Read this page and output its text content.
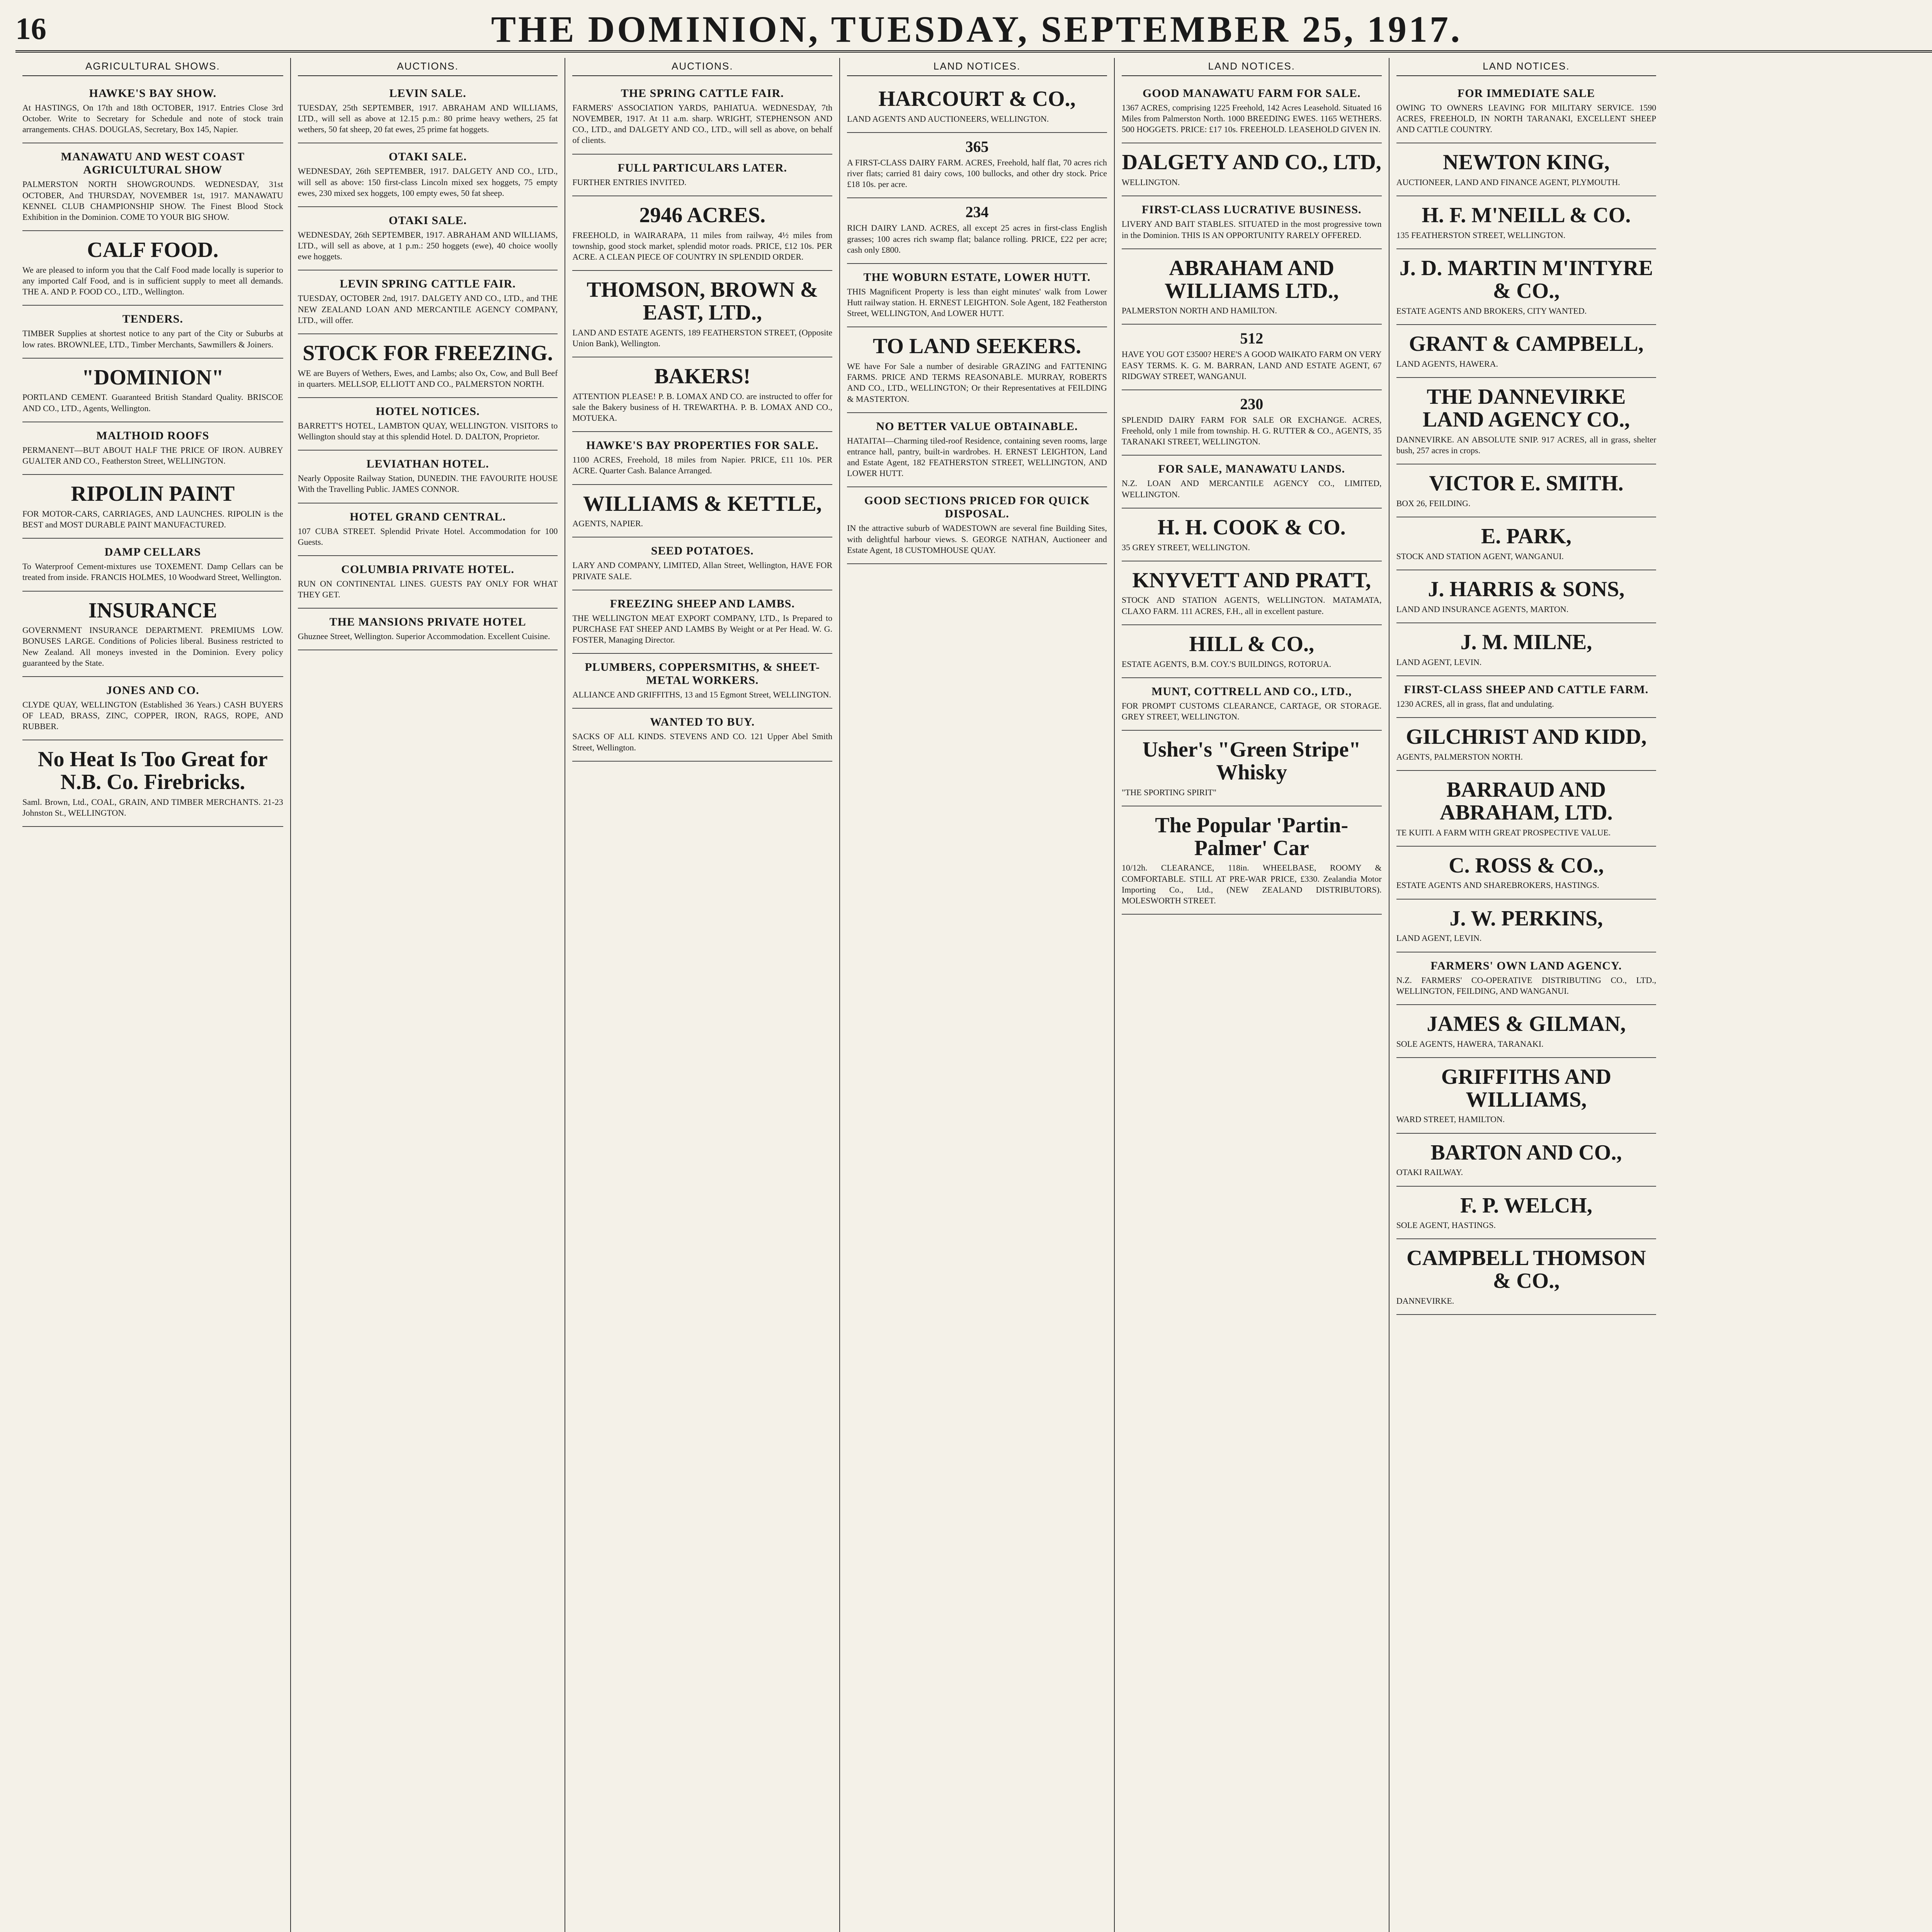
16	THE DOMINION, TUESDAY, SEPTEMBER 25, 1917.
AGRICULTURAL SHOWS.
HAWKE'S BAY SHOW.

At HASTINGS, On 17th and 18th OCTOBER, 1917. Entries Close 3rd October. Write to Secretary for Schedule and note of stock train arrangements. CHAS. DOUGLAS, Secretary, Box 145, Napier.

MANAWATU AND WEST COAST AGRICULTURAL SHOW

PALMERSTON NORTH SHOWGROUNDS. WEDNESDAY, 31st OCTOBER, And THURSDAY, NOVEMBER 1st, 1917. MANAWATU KENNEL CLUB CHAMPIONSHIP SHOW. The Finest Blood Stock Exhibition in the Dominion. COME TO YOUR BIG SHOW.

CALF FOOD.

We are pleased to inform you that the Calf Food made locally is superior to any imported Calf Food, and is in sufficient supply to meet all demands. THE A. AND P. FOOD CO., LTD., Wellington.

TENDERS.

TIMBER Supplies at shortest notice to any part of the City or Suburbs at low rates. BROWNLEE, LTD., Timber Merchants, Sawmillers & Joiners.

"DOMINION"

PORTLAND CEMENT. Guaranteed British Standard Quality. BRISCOE AND CO., LTD., Agents, Wellington.

MALTHOID ROOFS

PERMANENT—BUT ABOUT HALF THE PRICE OF IRON. AUBREY GUALTER AND CO., Featherston Street, WELLINGTON.

RIPOLIN PAINT

FOR MOTOR-CARS, CARRIAGES, AND LAUNCHES. RIPOLIN is the BEST and MOST DURABLE PAINT MANUFACTURED.

DAMP CELLARS

To Waterproof Cement-mixtures use TOXEMENT. Damp Cellars can be treated from inside. FRANCIS HOLMES, 10 Woodward Street, Wellington.

INSURANCE

GOVERNMENT INSURANCE DEPARTMENT. PREMIUMS LOW. BONUSES LARGE. Conditions of Policies liberal. Business restricted to New Zealand. All moneys invested in the Dominion. Every policy guaranteed by the State.

JONES AND CO.

CLYDE QUAY, WELLINGTON (Established 36 Years.) CASH BUYERS OF LEAD, BRASS, ZINC, COPPER, IRON, RAGS, ROPE, AND RUBBER.

No Heat Is Too Great for N.B. Co. Firebricks.

Saml. Brown, Ltd., COAL, GRAIN, AND TIMBER MERCHANTS. 21-23 Johnston St., WELLINGTON.

AUCTIONS.
LEVIN SALE.

TUESDAY, 25th SEPTEMBER, 1917. ABRAHAM AND WILLIAMS, LTD., will sell as above at 12.15 p.m.: 80 prime heavy wethers, 25 fat wethers, 50 fat sheep, 20 fat ewes, 25 prime fat hoggets.

OTAKI SALE.

WEDNESDAY, 26th SEPTEMBER, 1917. DALGETY AND CO., LTD., will sell as above: 150 first-class Lincoln mixed sex hoggets, 75 empty ewes, 230 mixed sex hoggets, 100 empty ewes, 50 fat sheep.

OTAKI SALE.

WEDNESDAY, 26th SEPTEMBER, 1917. ABRAHAM AND WILLIAMS, LTD., will sell as above, at 1 p.m.: 250 hoggets (ewe), 40 choice woolly ewe hoggets.

LEVIN SPRING CATTLE FAIR.

TUESDAY, OCTOBER 2nd, 1917. DALGETY AND CO., LTD., and THE NEW ZEALAND LOAN AND MERCANTILE AGENCY COMPANY, LTD., will offer.

STOCK FOR FREEZING.

WE are Buyers of Wethers, Ewes, and Lambs; also Ox, Cow, and Bull Beef in quarters. MELLSOP, ELLIOTT AND CO., PALMERSTON NORTH.

HOTEL NOTICES.

BARRETT'S HOTEL, LAMBTON QUAY, WELLINGTON. VISITORS to Wellington should stay at this splendid Hotel. D. DALTON, Proprietor.

LEVIATHAN HOTEL.

Nearly Opposite Railway Station, DUNEDIN. THE FAVOURITE HOUSE With the Travelling Public. JAMES CONNOR.

HOTEL GRAND CENTRAL.

107 CUBA STREET. Splendid Private Hotel. Accommodation for 100 Guests.

COLUMBIA PRIVATE HOTEL.

RUN ON CONTINENTAL LINES. GUESTS PAY ONLY FOR WHAT THEY GET.

THE MANSIONS PRIVATE HOTEL

Ghuznee Street, Wellington. Superior Accommodation. Excellent Cuisine.

AUCTIONS.
THE SPRING CATTLE FAIR.

FARMERS' ASSOCIATION YARDS, PAHIATUA. WEDNESDAY, 7th NOVEMBER, 1917. At 11 a.m. sharp. WRIGHT, STEPHENSON AND CO., LTD., and DALGETY AND CO., LTD., will sell as above, on behalf of clients.

FULL PARTICULARS LATER.

FURTHER ENTRIES INVITED.

2946 ACRES.

FREEHOLD, in WAIRARAPA, 11 miles from railway, 4½ miles from township, good stock market, splendid motor roads. PRICE, £12 10s. PER ACRE. A CLEAN PIECE OF COUNTRY IN SPLENDID ORDER.

THOMSON, BROWN & EAST, LTD.,

LAND AND ESTATE AGENTS, 189 FEATHERSTON STREET, (Opposite Union Bank), Wellington.

BAKERS!

ATTENTION PLEASE! P. B. LOMAX AND CO. are instructed to offer for sale the Bakery business of H. TREWARTHA. P. B. LOMAX AND CO., MOTUEKA.

HAWKE'S BAY PROPERTIES FOR SALE.

1100 ACRES, Freehold, 18 miles from Napier. PRICE, £11 10s. PER ACRE. Quarter Cash. Balance Arranged.

WILLIAMS & KETTLE,

AGENTS, NAPIER.

SEED POTATOES.

LARY AND COMPANY, LIMITED, Allan Street, Wellington, HAVE FOR PRIVATE SALE.

FREEZING SHEEP AND LAMBS.

THE WELLINGTON MEAT EXPORT COMPANY, LTD., Is Prepared to PURCHASE FAT SHEEP AND LAMBS By Weight or at Per Head. W. G. FOSTER, Managing Director.

PLUMBERS, COPPERSMITHS, & SHEET-METAL WORKERS.

ALLIANCE AND GRIFFITHS, 13 and 15 Egmont Street, WELLINGTON.

WANTED TO BUY.

SACKS OF ALL KINDS. STEVENS AND CO. 121 Upper Abel Smith Street, Wellington.

LAND NOTICES.
HARCOURT & CO.,

LAND AGENTS AND AUCTIONEERS, WELLINGTON.

365

A FIRST-CLASS DAIRY FARM. ACRES, Freehold, half flat, 70 acres rich river flats; carried 81 dairy cows, 100 bullocks, and other dry stock. Price £18 10s. per acre.

234

RICH DAIRY LAND. ACRES, all except 25 acres in first-class English grasses; 100 acres rich swamp flat; balance rolling. PRICE, £22 per acre; cash only £800.

THE WOBURN ESTATE, LOWER HUTT.

THIS Magnificent Property is less than eight minutes' walk from Lower Hutt railway station. H. ERNEST LEIGHTON. Sole Agent, 182 Featherston Street, WELLINGTON, And LOWER HUTT.

TO LAND SEEKERS.

WE have For Sale a number of desirable GRAZING and FATTENING FARMS. PRICE AND TERMS REASONABLE. MURRAY, ROBERTS AND CO., LTD., WELLINGTON; Or their Representatives at FEILDING & MASTERTON.

NO BETTER VALUE OBTAINABLE.

HATAITAI—Charming tiled-roof Residence, containing seven rooms, large entrance hall, pantry, built-in wardrobes. H. ERNEST LEIGHTON, Land and Estate Agent, 182 FEATHERSTON STREET, WELLINGTON, AND LOWER HUTT.

GOOD SECTIONS PRICED FOR QUICK DISPOSAL.

IN the attractive suburb of WADESTOWN are several fine Building Sites, with delightful harbour views. S. GEORGE NATHAN, Auctioneer and Estate Agent, 18 CUSTOMHOUSE QUAY.

LAND NOTICES.
GOOD MANAWATU FARM FOR SALE.

1367 ACRES, comprising 1225 Freehold, 142 Acres Leasehold. Situated 16 Miles from Palmerston North. 1000 BREEDING EWES. 1165 WETHERS. 500 HOGGETS. PRICE: £17 10s. FREEHOLD. LEASEHOLD GIVEN IN.

DALGETY AND CO., LTD,

WELLINGTON.

FIRST-CLASS LUCRATIVE BUSINESS.

LIVERY AND BAIT STABLES. SITUATED in the most progressive town in the Dominion. THIS IS AN OPPORTUNITY RARELY OFFERED.

ABRAHAM AND WILLIAMS LTD.,

PALMERSTON NORTH AND HAMILTON.

512

HAVE YOU GOT £3500? HERE'S A GOOD WAIKATO FARM ON VERY EASY TERMS. K. G. M. BARRAN, LAND AND ESTATE AGENT, 67 RIDGWAY STREET, WANGANUI.

230

SPLENDID DAIRY FARM FOR SALE OR EXCHANGE. ACRES, Freehold, only 1 mile from township. H. G. RUTTER & CO., AGENTS, 35 TARANAKI STREET, WELLINGTON.

FOR SALE, MANAWATU LANDS.

N.Z. LOAN AND MERCANTILE AGENCY CO., LIMITED, WELLINGTON.

H. H. COOK & CO.

35 GREY STREET, WELLINGTON.

KNYVETT AND PRATT,

STOCK AND STATION AGENTS, WELLINGTON. MATAMATA, CLAXO FARM. 111 ACRES, F.H., all in excellent pasture.

HILL & CO.,

ESTATE AGENTS, B.M. COY.'S BUILDINGS, ROTORUA.

MUNT, COTTRELL AND CO., LTD.,

FOR PROMPT CUSTOMS CLEARANCE, CARTAGE, OR STORAGE. GREY STREET, WELLINGTON.

Usher's "Green Stripe" Whisky

"THE SPORTING SPIRIT"

The Popular 'Partin-Palmer' Car

10/12h. CLEARANCE, 118in. WHEELBASE, ROOMY & COMFORTABLE. STILL AT PRE-WAR PRICE, £330. Zealandia Motor Importing Co., Ltd., (NEW ZEALAND DISTRIBUTORS). MOLESWORTH STREET.

LAND NOTICES.
FOR IMMEDIATE SALE

OWING TO OWNERS LEAVING FOR MILITARY SERVICE. 1590 ACRES, FREEHOLD, IN NORTH TARANAKI, EXCELLENT SHEEP AND CATTLE COUNTRY.

NEWTON KING,

AUCTIONEER, LAND AND FINANCE AGENT, PLYMOUTH.

H. F. M'NEILL & CO.

135 FEATHERSTON STREET, WELLINGTON.

J. D. MARTIN M'INTYRE & CO.,

ESTATE AGENTS AND BROKERS, CITY WANTED.

GRANT & CAMPBELL,

LAND AGENTS, HAWERA.

THE DANNEVIRKE LAND AGENCY CO.,

DANNEVIRKE. AN ABSOLUTE SNIP. 917 ACRES, all in grass, shelter bush, 257 acres in crops.

VICTOR E. SMITH.

BOX 26, FEILDING.

E. PARK,

STOCK AND STATION AGENT, WANGANUI.

J. HARRIS & SONS,

LAND AND INSURANCE AGENTS, MARTON.

J. M. MILNE,

LAND AGENT, LEVIN.

FIRST-CLASS SHEEP AND CATTLE FARM.

1230 ACRES, all in grass, flat and undulating.

GILCHRIST AND KIDD,

AGENTS, PALMERSTON NORTH.

BARRAUD AND ABRAHAM, LTD.

TE KUITI. A FARM WITH GREAT PROSPECTIVE VALUE.

C. ROSS & CO.,

ESTATE AGENTS AND SHAREBROKERS, HASTINGS.

J. W. PERKINS,

LAND AGENT, LEVIN.

FARMERS' OWN LAND AGENCY.

N.Z. FARMERS' CO-OPERATIVE DISTRIBUTING CO., LTD., WELLINGTON, FEILDING, AND WANGANUI.

JAMES & GILMAN,

SOLE AGENTS, HAWERA, TARANAKI.

GRIFFITHS AND WILLIAMS,

WARD STREET, HAMILTON.

BARTON AND CO.,

OTAKI RAILWAY.

F. P. WELCH,

SOLE AGENT, HASTINGS.

CAMPBELL THOMSON & CO.,

DANNEVIRKE.
